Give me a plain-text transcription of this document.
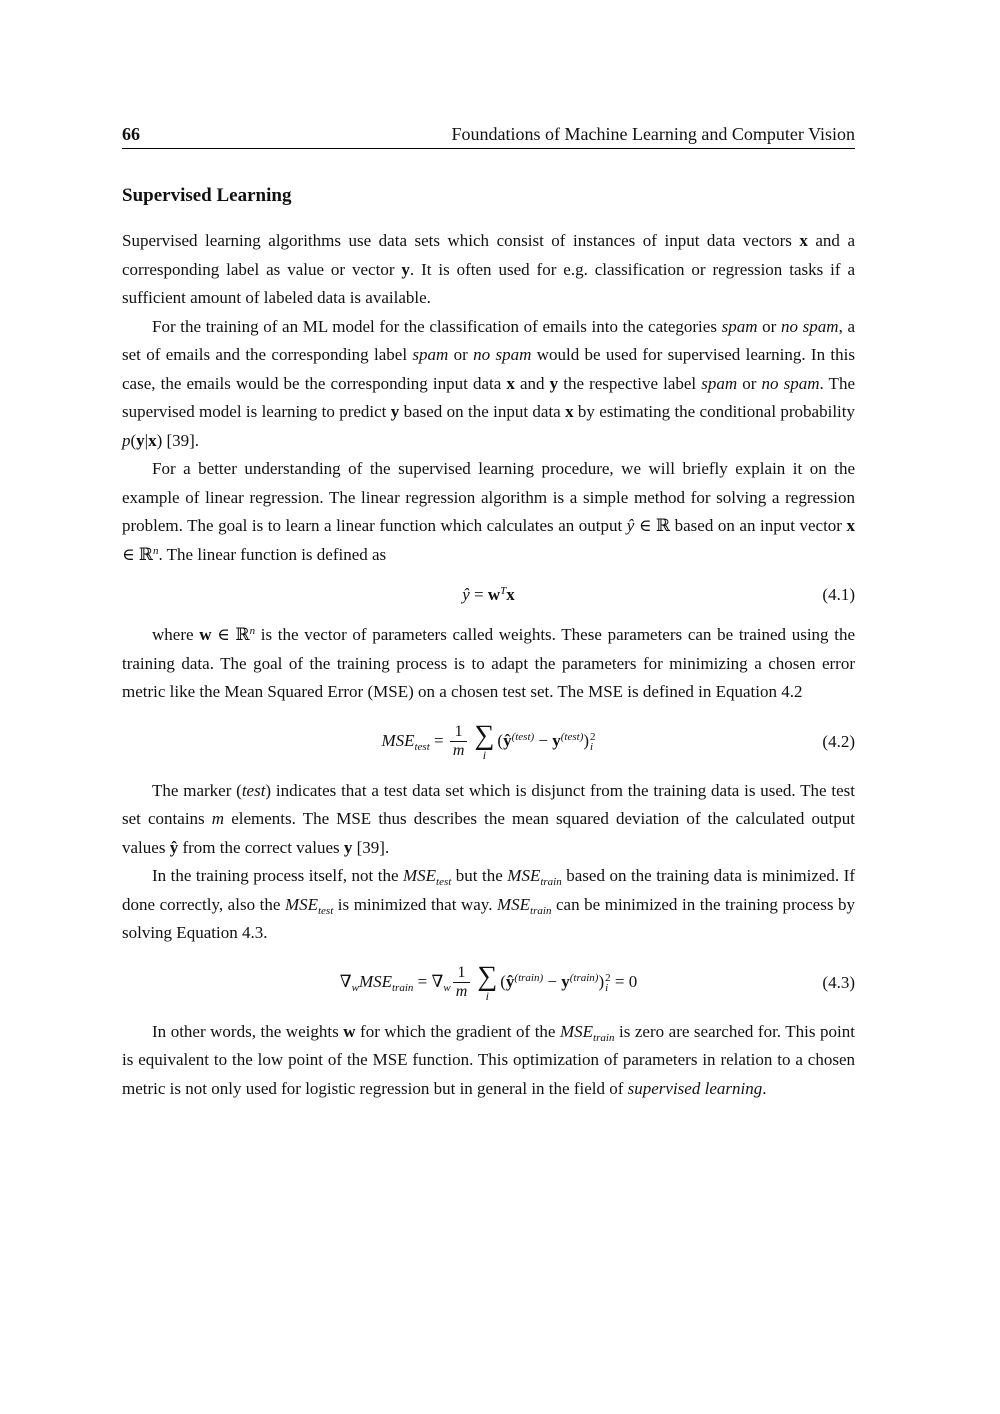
66	Foundations of Machine Learning and Computer Vision
Supervised Learning

Supervised learning algorithms use data sets which consist of instances of input data vectors x and a corresponding label as value or vector y. It is often used for e.g. classification or regression tasks if a sufficient amount of labeled data is available.

For the training of an ML model for the classification of emails into the categories spam or no spam, a set of emails and the corresponding label spam or no spam would be used for supervised learning. In this case, the emails would be the corresponding input data x and y the respective label spam or no spam. The supervised model is learning to predict y based on the input data x by estimating the conditional probability p(y|x) [39].

For a better understanding of the supervised learning procedure, we will briefly explain it on the example of linear regression. The linear regression algorithm is a simple method for solving a regression problem. The goal is to learn a linear function which calculates an output ŷ ∈ ℝ based on an input vector x ∈ ℝ$^n$. The linear function is defined as

ŷ = $w^Tx$	(4.1)

where w ∈ ℝ$^n$ is the vector of parameters called weights. These parameters can be trained using the training data. The goal of the training process is to adapt the parameters for minimizing a chosen error metric like the Mean Squared Error (MSE) on a chosen test set. The MSE is defined in Equation 4.2

$MSE_{test} = \frac{1}{m}$ ∑
i
$(ŷ^{(test)} - y^{(test)})$ 2
i	(4.2)

The marker (test) indicates that a test data set which is disjunct from the training data is used. The test set contains m elements. The MSE thus describes the mean squared deviation of the calculated output values ŷ from the correct values y [39].

In the training process itself, not the $MSE_{test}$ but the $MSE_{train}$ based on the training data is minimized. If done correctly, also the $MSE_{test}$ is minimized that way. $MSE_{train}$ can be minimized in the training process by solving Equation 4.3.

$\nabla_wMSE_{train} = \nabla_w \frac{1}{m}$ ∑
i
$(ŷ^{(train)} - y^{(train)})$ 2
i = 0	(4.3)

In other words, the weights w for which the gradient of the $MSE_{train}$ is zero are searched for. This point is equivalent to the low point of the MSE function. This optimization of parameters in relation to a chosen metric is not only used for logistic regression but in general in the field of supervised learning.
